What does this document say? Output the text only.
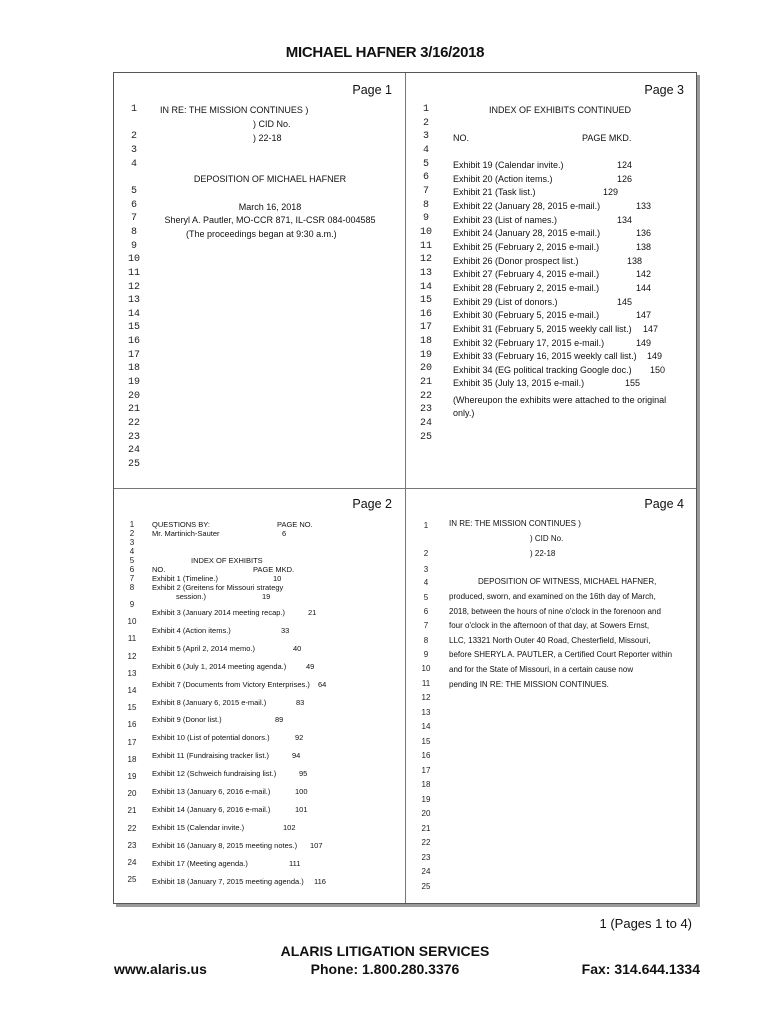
MICHAEL HAFNER 3/16/2018
Page 1
1
2
3
4
5
6
7
8
9
10
11
12
13
14
15
16
17
18
19
20
21
22
23
24
25
IN RE: THE MISSION CONTINUES )
) CID No.
) 22-18
DEPOSITION OF MICHAEL HAFNER
March 16, 2018
Sheryl A. Pautler, MO-CCR 871, IL-CSR 084-004585
(The proceedings began at 9:30 a.m.)
Page 3
1
2
3
4
5
6
7
8
9
10
11
12
13
14
15
16
17
18
19
20
21
22
23
24
25
INDEX OF EXHIBITS CONTINUED
NO.	PAGE MKD.
Exhibit 19 (Calendar invite.)	124
Exhibit 20 (Action items.)	126
Exhibit 21 (Task list.)	129
Exhibit 22 (January 28, 2015 e-mail.)	133
Exhibit 23 (List of names.)	134
Exhibit 24 (January 28, 2015 e-mail.)	136
Exhibit 25 (February 2, 2015 e-mail.)	138
Exhibit 26 (Donor prospect list.)	138
Exhibit 27 (February 4, 2015 e-mail.)	142
Exhibit 28 (February 2, 2015 e-mail.)	144
Exhibit 29 (List of donors.)	145
Exhibit 30 (February 5, 2015 e-mail.)	147
Exhibit 31 (February 5, 2015 weekly call list.) 147
Exhibit 32 (February 17, 2015 e-mail.)	149
Exhibit 33 (February 16, 2015 weekly call list.) 149
Exhibit 34 (EG political tracking Google doc.) 150
Exhibit 35 (July 13, 2015 e-mail.)	155
(Whereupon the exhibits were attached to the original
only.)
Page 2
1
2
3
4
5
6
7
8
QUESTIONS BY:	PAGE NO.
Mr. Martinich-Sauter	6
INDEX OF EXHIBITS
NO.	PAGE MKD.
Exhibit 1 (Timeline.)	10
Exhibit 2 (Greitens for Missouri strategy
session.)	19
9
10
11
12
13
14
15
16
17
18
19
20
21
22
23
24
25
Exhibit 3 (January 2014 meeting recap.)	21
Exhibit 4 (Action items.)	33
Exhibit 5 (April 2, 2014 memo.)	40
Exhibit 6 (July 1, 2014 meeting agenda.)	49
Exhibit 7 (Documents from Victory Enterprises.) 64
Exhibit 8 (January 6, 2015 e-mail.)	83
Exhibit 9 (Donor list.)	89
Exhibit 10 (List of potential donors.)	92
Exhibit 11 (Fundraising tracker list.)	94
Exhibit 12 (Schweich fundraising list.)	95
Exhibit 13 (January 6, 2016 e-mail.)	100
Exhibit 14 (January 6, 2016 e-mail.)	101
Exhibit 15 (Calendar invite.)	102
Exhibit 16 (January 8, 2015 meeting notes.) 107
Exhibit 17 (Meeting agenda.)	111
Exhibit 18 (January 7, 2015 meeting agenda.) 116
Page 4
1
2
3
4
5
6
7
8
9
10
11
12
13
14
15
16
17
18
19
20
21
22
23
24
25
IN RE: THE MISSION CONTINUES )
) CID No.
) 22-18
DEPOSITION OF WITNESS, MICHAEL HAFNER,
produced, sworn, and examined on the 16th day of March,
2018, between the hours of nine o'clock in the forenoon and
four o'clock in the afternoon of that day, at Sowers Ernst,
LLC, 13321 North Outer 40 Road, Chesterfield, Missouri,
before SHERYL A. PAUTLER, a Certified Court Reporter within
and for the State of Missouri, in a certain cause now
pending IN RE: THE MISSION CONTINUES.
1 (Pages 1 to 4)
ALARIS LITIGATION SERVICES
www.alaris.us	Phone: 1.800.280.3376	Fax: 314.644.1334
